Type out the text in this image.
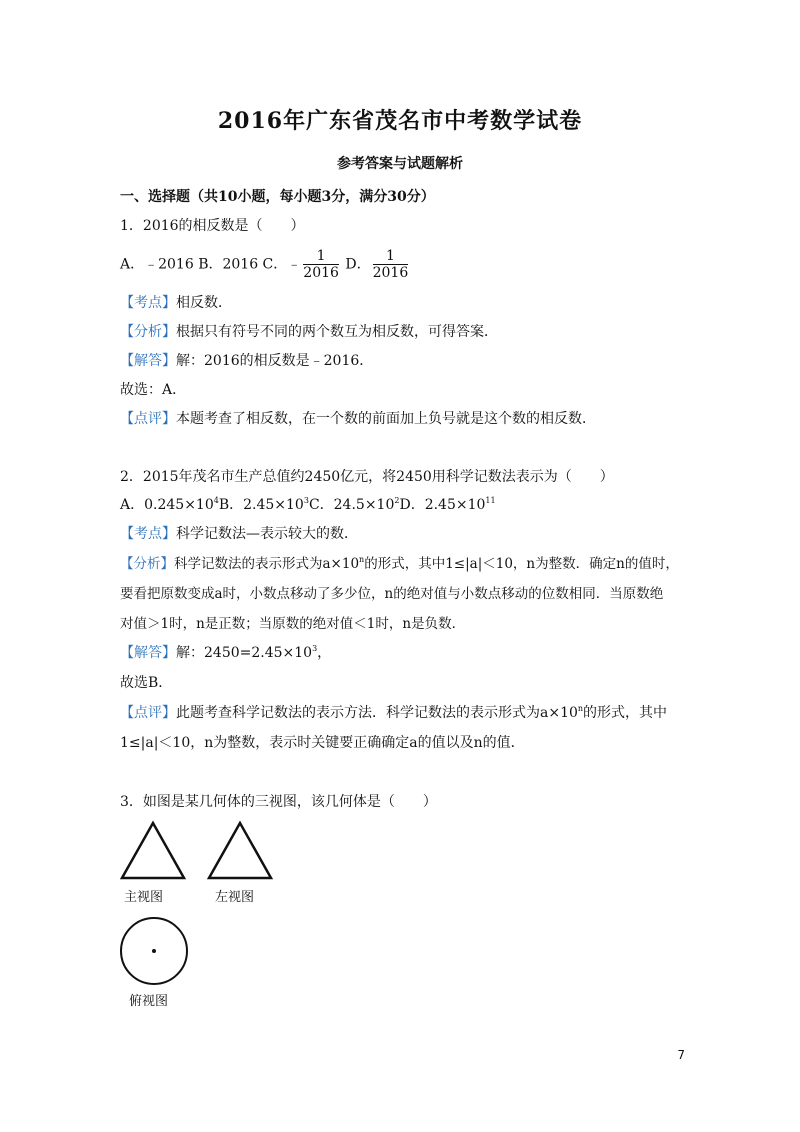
2016年广东省茂名市中考数学试卷
参考答案与试题解析
一、选择题（共10小题，每小题3分，满分30分）
1．2016的相反数是（　　）
A．﹣2016 B．2016 C．﹣ $\frac{1}{2016}$ D． $\frac{1}{2016}$
【考点】相反数．
【分析】根据只有符号不同的两个数互为相反数，可得答案．
【解答】解：2016的相反数是﹣2016．
故选：A．
【点评】本题考查了相反数，在一个数的前面加上负号就是这个数的相反数．
2．2015年茂名市生产总值约2450亿元，将2450用科学记数法表示为（　　）
A．$0.245\times 10^4B$．$2.45\times 10^3C$．$24.5\times 10^2D$．$2.45\times 10^{11}$
【考点】科学记数法—表示较大的数．
【分析】科学记数法的表示形式为$a\times 10^n$的形式，其中1≤|a|＜10，n为整数．确定n的值时，
要看把原数变成a时，小数点移动了多少位，n的绝对值与小数点移动的位数相同．当原数绝
对值＞1时，n是正数；当原数的绝对值＜1时，n是负数．
【解答】解：$2450=2.45\times 10^3$，
故选B．
【点评】此题考查科学记数法的表示方法．科学记数法的表示形式为$a\times 10^n$的形式，其中
1≤|a|＜10，n为整数，表示时关键要正确确定a的值以及n的值．
3．如图是某几何体的三视图，该几何体是（　　）
主视图	左视图
俯视图
7
